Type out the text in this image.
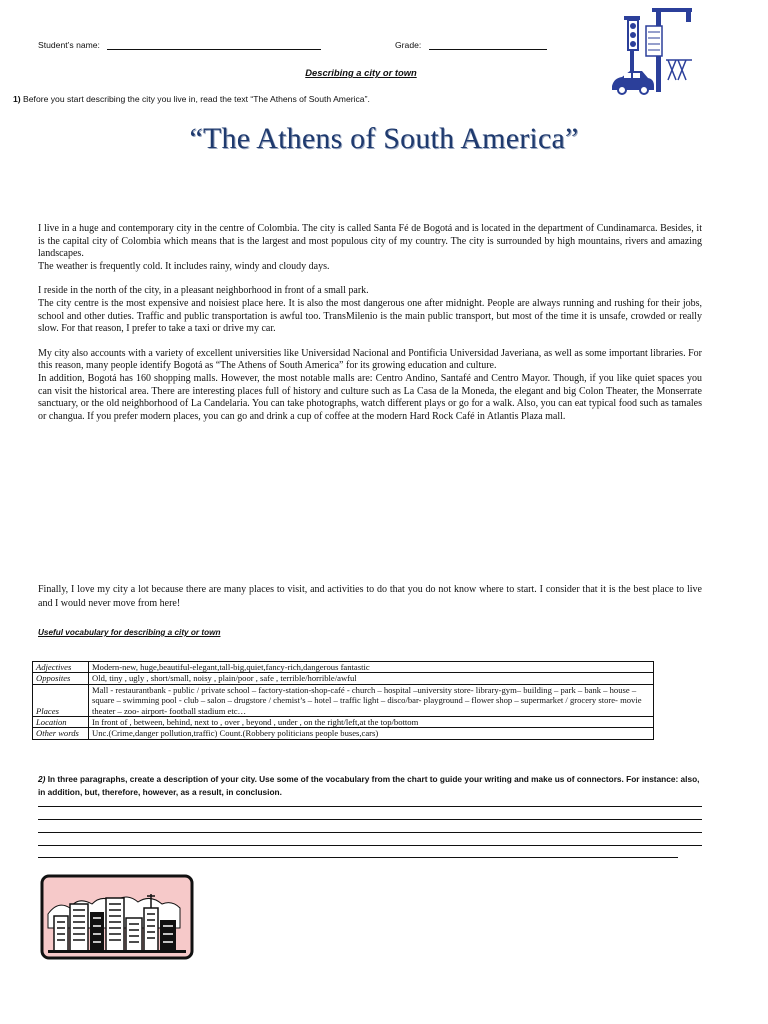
Student’s name:	Grade:
Describing a city or town
1) Before you start describing the city you live in, read the text “The Athens of South America”.
“The Athens of South America”
I live in a huge and contemporary city in the centre of Colombia. The city is called Santa Fé de Bogotá and is located in the department of Cundinamarca. Besides, it is the capital city of Colombia which means that is the largest and most populous city of my country. The city is surrounded by high mountains, rivers and amazing landscapes.
The weather is frequently cold. It includes rainy, windy and cloudy days.
I reside in the north of the city, in a pleasant neighborhood in front of a small park.
The city centre is the most expensive and noisiest place here. It is also the most dangerous one after midnight. People are always running and rushing for their jobs, school and other duties. Traffic and public transportation is awful too. TransMilenio is the main public transport, but most of the time it is unsafe, crowded or really slow. For that reason, I prefer to take a taxi or drive my car.
My city also accounts with a variety of excellent universities like Universidad Nacional and Pontificia Universidad Javeriana, as well as some important libraries. For this reason, many people identify Bogotá as “The Athens of South America” for its growing education and culture.
In addition, Bogotá has 160 shopping malls. However, the most notable malls are: Centro Andino, Santafé and Centro Mayor. Though, if you like quiet spaces you can visit the historical area. There are interesting places full of history and culture such as La Casa de la Moneda, the elegant and big Colon Theater, the Monserrate sanctuary, or the old neighborhood of La Candelaria. You can take photographs, watch different plays or go for a walk. Also, you can eat typical food such as tamales or changua. If you prefer modern places, you can go and drink a cup of coffee at the modern Hard Rock Café in Atlantis Plaza mall.
Finally, I love my city a lot because there are many places to visit, and activities to do that you do not know where to start. I consider that it is the best place to live and I would never move from here!
Useful vocabulary for describing a city or town
Adjectives	Modern-new, huge,beautiful-elegant,tall-big,quiet,fancy-rich,dangerous fantastic
Opposites	Old, tiny , ugly , short/small, noisy , plain/poor , safe , terrible/horrible/awful
Places	Mall - restaurantbank - public / private school – factory-station-shop-café - church – hospital –university store- library-gym– building – park – bank – house – square – swimming pool - club – salon – drugstore / chemist’s – hotel – traffic light – disco/bar- playground – flower shop – supermarket / grocery store- movie theater – zoo- airport- football stadium etc…
Location	In front of , between, behind, next to , over , beyond , under , on the right/left,at the top/bottom
Other words	Unc.(Crime,danger pollution,traffic) Count.(Robbery politicians people buses,cars)
2) In three paragraphs, create a description of your city. Use some of the vocabulary from the chart to guide your writing and make us of connectors. For instance: also, in addition, but, therefore, however, as a result, in conclusion.
